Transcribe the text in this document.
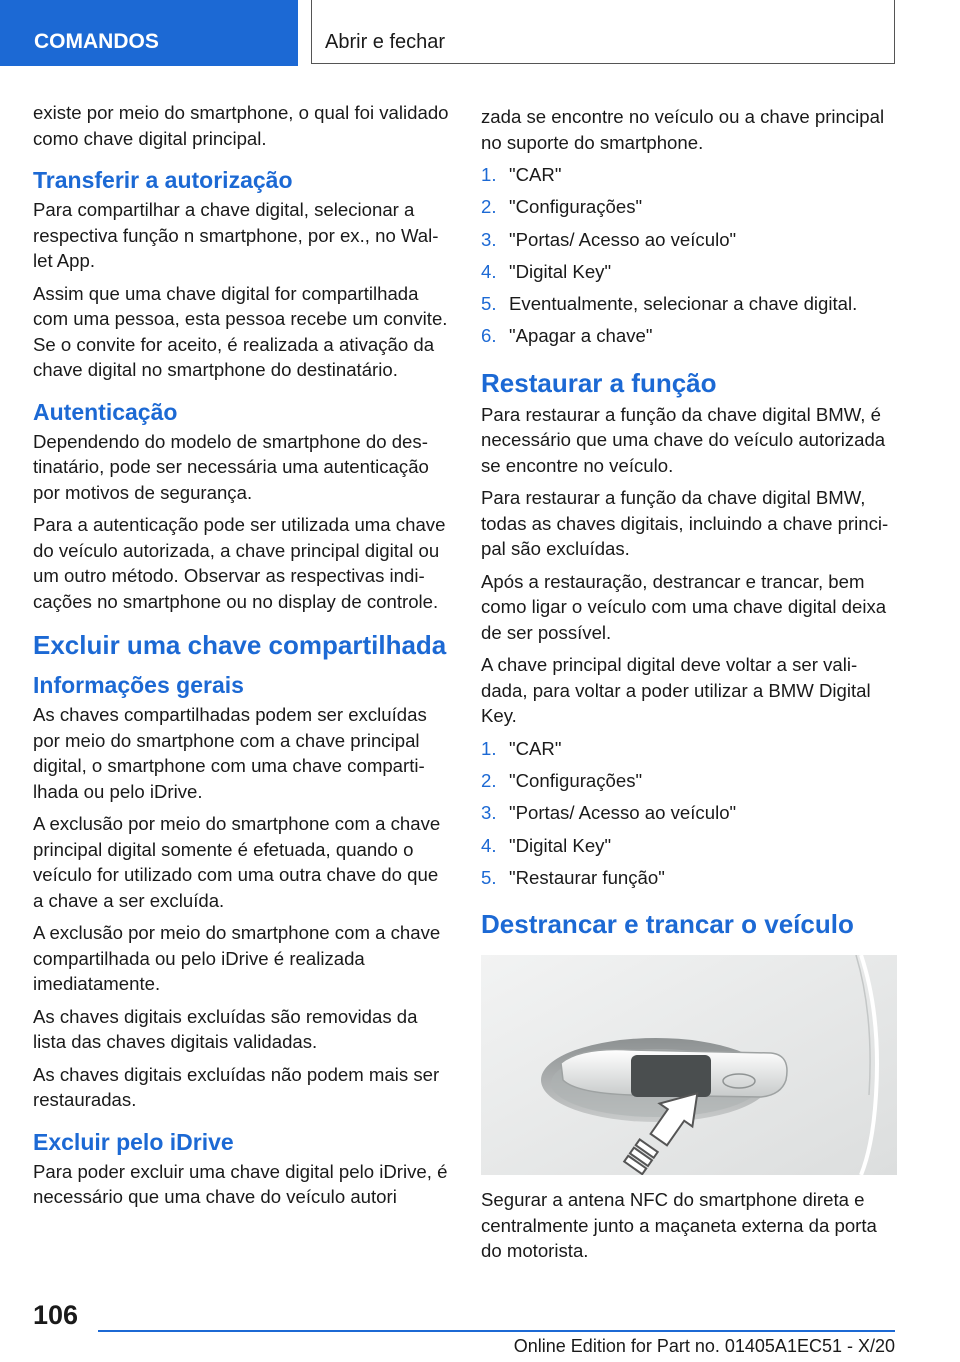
COMANDOS	Abrir e fechar

existe por meio do smartphone, o qual foi validado como chave digital principal.

Transferir a autorização

Para compartilhar a chave digital, selecionar a respectiva função n smartphone, por ex., no Wallet App.

Assim que uma chave digital for compartilhada com uma pessoa, esta pessoa recebe um convite. Se o convite for aceito, é realizada a ativação da chave digital no smartphone do destinatário.

Autenticação

Dependendo do modelo de smartphone do destinatário, pode ser necessária uma autenticação por motivos de segurança.

Para a autenticação pode ser utilizada uma chave do veículo autorizada, a chave principal digital ou um outro método. Observar as respectivas indicações no smartphone ou no display de controle.

Excluir uma chave compartilhada
Informações gerais

As chaves compartilhadas podem ser excluídas por meio do smartphone com a chave principal digital, o smartphone com uma chave compartilhada ou pelo iDrive.

A exclusão por meio do smartphone com a chave principal digital somente é efetuada, quando o veículo for utilizado com uma outra chave do que a chave a ser excluída.

A exclusão por meio do smartphone com a chave compartilhada ou pelo iDrive é realizada imediatamente.

As chaves digitais excluídas são removidas da lista das chaves digitais validadas.

As chaves digitais excluídas não podem mais ser restauradas.

Excluir pelo iDrive

Para poder excluir uma chave digital pelo iDrive, é necessário que uma chave do veículo autori

zada se encontre no veículo ou a chave principal no suporte do smartphone.

1. "CAR"
2. "Configurações"
3. "Portas/ Acesso ao veículo"
4. "Digital Key"
5. Eventualmente, selecionar a chave digital.
6. "Apagar a chave"
Restaurar a função

Para restaurar a função da chave digital BMW, é necessário que uma chave do veículo autorizada se encontre no veículo.

Para restaurar a função da chave digital BMW, todas as chaves digitais, incluindo a chave principal são excluídas.

Após a restauração, destrancar e trancar, bem como ligar o veículo com uma chave digital deixa de ser possível.

A chave principal digital deve voltar a ser validada, para voltar a poder utilizar a BMW Digital Key.

1. "CAR"
2. "Configurações"
3. "Portas/ Acesso ao veículo"
4. "Digital Key"
5. "Restaurar função"
Destrancar e trancar o veículo

Segurar a antena NFC do smartphone direta e centralmente junto a maçaneta externa da porta do motorista.

106
Online Edition for Part no. 01405A1EC51 - X/20
